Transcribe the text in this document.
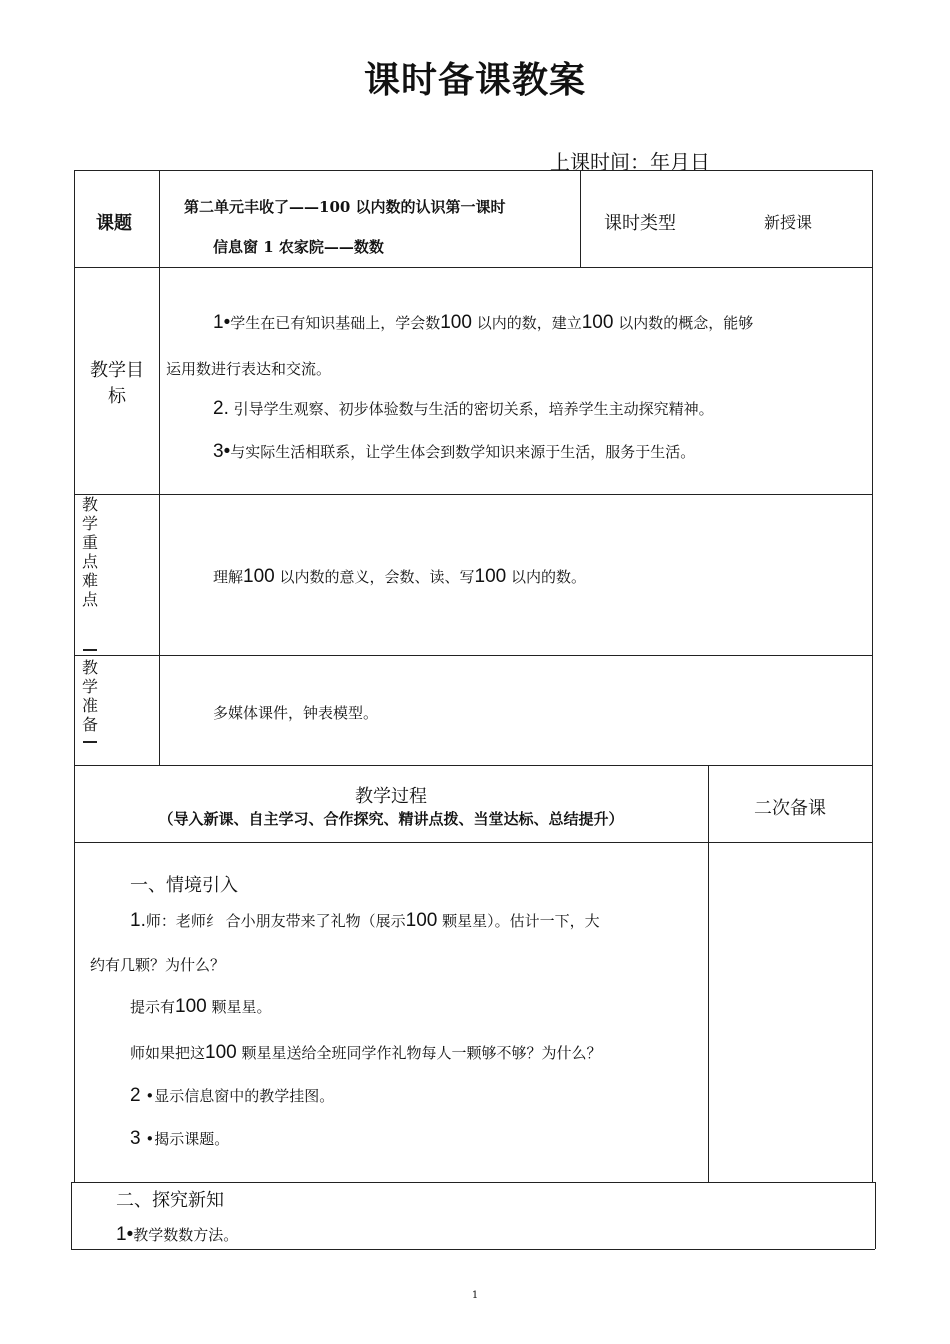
课时备课教案
上课时间：年月日
课题
第二单元丰收了——100 以内数的认识第一课时
信息窗 1 农家院——数数
课时类型	新授课
教学目标
1•学生在已有知识基础上，学会数100 以内的数，建立100 以内数的概念，能够
运用数进行表达和交流。
2. 引导学生观察、初步体验数与生活的密切关系，培养学生主动探究精神。
3•与实际生活相联系，让学生体会到数学知识来源于生活，服务于生活。
教
学
重
点
难
点
理解100 以内数的意义，会数、读、写100 以内的数。
教
学
准
备
多媒体课件，钟表模型。
教学过程
（导入新课、自主学习、合作探究、精讲点拨、当堂达标、总结提升）	二次备课
一、情境引入
1.师：老师纟 合小朋友带来了礼物（展示100 颗星星）。估计一下，大
约有几颗？为什么？
提示有100 颗星星。
师如果把这100 颗星星送给全班同学作礼物每人一颗够不够？为什么？
2 •显示信息窗中的教学挂图。
3 •揭示课题。
二、探究新知
1•教学数数方法。
1
